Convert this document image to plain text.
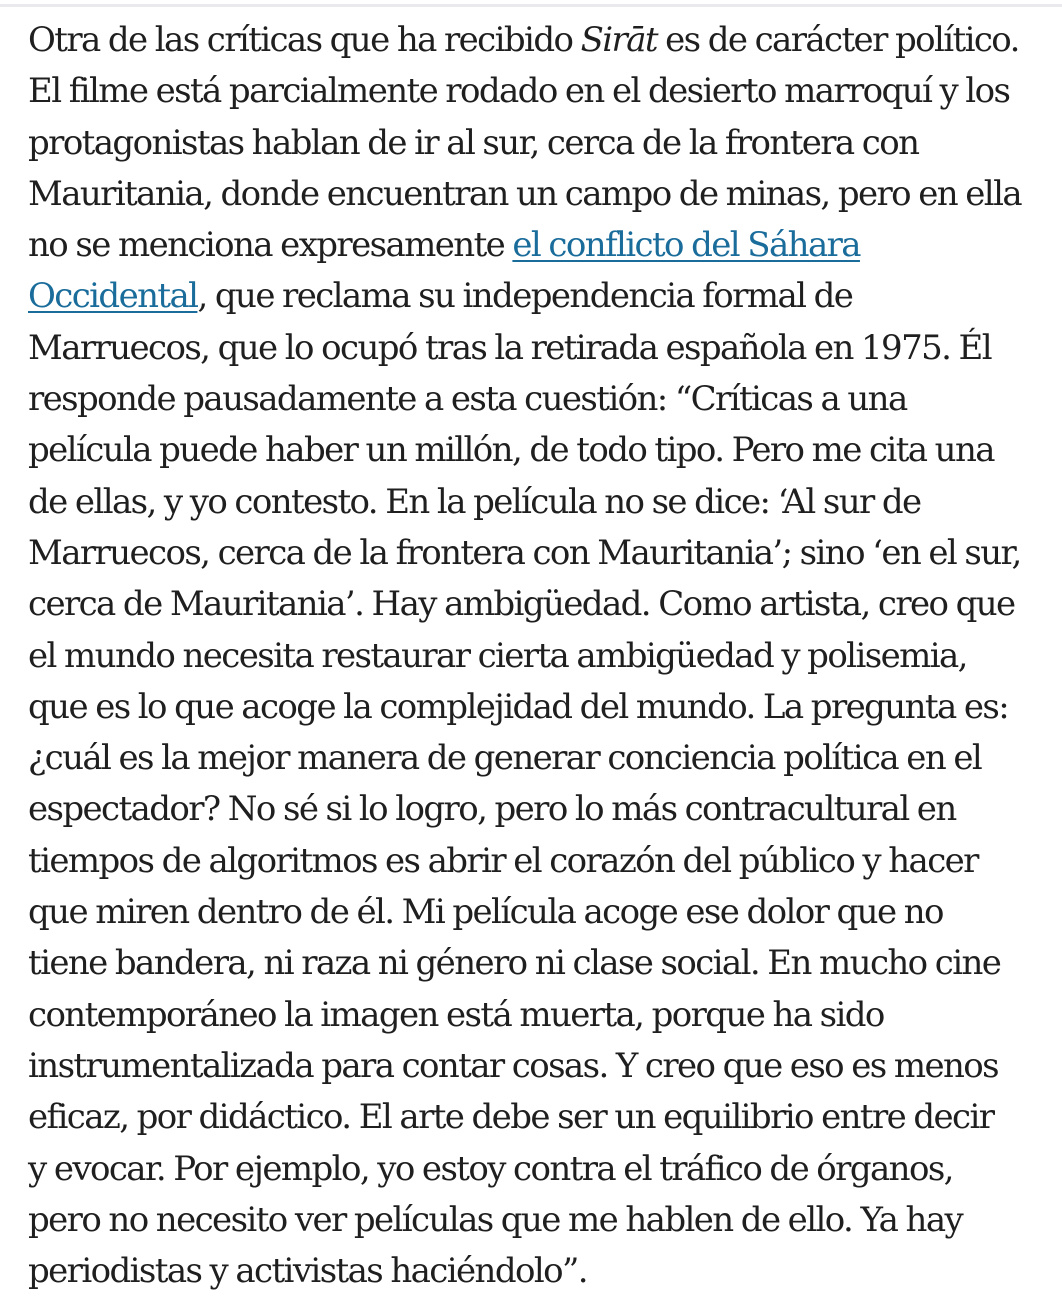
Otra de las críticas que ha recibido Sirāt es de carácter político.
El filme está parcialmente rodado en el desierto marroquí y los
protagonistas hablan de ir al sur, cerca de la frontera con
Mauritania, donde encuentran un campo de minas, pero en ella
no se menciona expresamente el conflicto del Sáhara
Occidental, que reclama su independencia formal de
Marruecos, que lo ocupó tras la retirada española en 1975. Él
responde pausadamente a esta cuestión: “Críticas a una
película puede haber un millón, de todo tipo. Pero me cita una
de ellas, y yo contesto. En la película no se dice: ‘Al sur de
Marruecos, cerca de la frontera con Mauritania’; sino ‘en el sur,
cerca de Mauritania’. Hay ambigüedad. Como artista, creo que
el mundo necesita restaurar cierta ambigüedad y polisemia,
que es lo que acoge la complejidad del mundo. La pregunta es:
¿cuál es la mejor manera de generar conciencia política en el
espectador? No sé si lo logro, pero lo más contracultural en
tiempos de algoritmos es abrir el corazón del público y hacer
que miren dentro de él. Mi película acoge ese dolor que no
tiene bandera, ni raza ni género ni clase social. En mucho cine
contemporáneo la imagen está muerta, porque ha sido
instrumentalizada para contar cosas. Y creo que eso es menos
eficaz, por didáctico. El arte debe ser un equilibrio entre decir
y evocar. Por ejemplo, yo estoy contra el tráfico de órganos,
pero no necesito ver películas que me hablen de ello. Ya hay
periodistas y activistas haciéndolo”.
